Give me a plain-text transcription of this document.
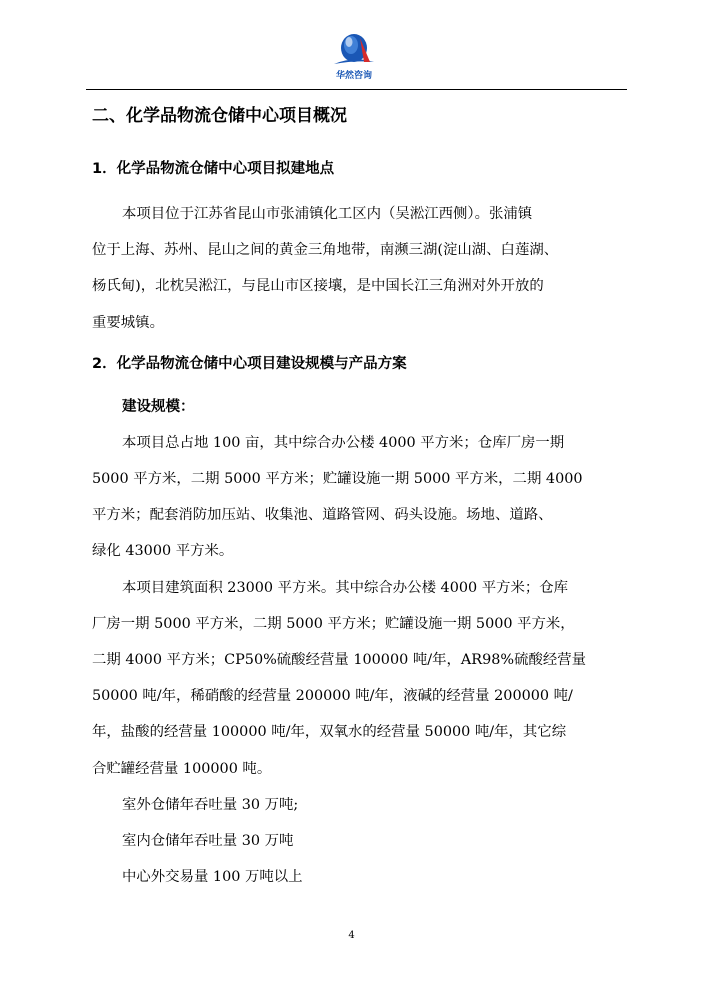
华然咨询
二、化学品物流仓储中心项目概况
1．化学品物流仓储中心项目拟建地点
本项目位于江苏省昆山市张浦镇化工区内（吴淞江西侧）。张浦镇
位于上海、苏州、昆山之间的黄金三角地带，南濒三湖(淀山湖、白莲湖、
杨氏甸)，北枕吴淞江，与昆山市区接壤，是中国长江三角洲对外开放的
重要城镇。
2．化学品物流仓储中心项目建设规模与产品方案
建设规模：
本项目总占地 100 亩，其中综合办公楼 4000 平方米；仓库厂房一期
5000 平方米，二期 5000 平方米；贮罐设施一期 5000 平方米，二期 4000
平方米；配套消防加压站、收集池、道路管网、码头设施。场地、道路、
绿化 43000 平方米。
本项目建筑面积 23000 平方米。其中综合办公楼 4000 平方米；仓库
厂房一期 5000 平方米，二期 5000 平方米；贮罐设施一期 5000 平方米，
二期 4000 平方米；CP50%硫酸经营量 100000 吨/年，AR98%硫酸经营量
50000 吨/年，稀硝酸的经营量 200000 吨/年，液碱的经营量 200000 吨/
年，盐酸的经营量 100000 吨/年，双氧水的经营量 50000 吨/年，其它综
合贮罐经营量 100000 吨。
室外仓储年吞吐量 30 万吨;
室内仓储年吞吐量 30 万吨
中心外交易量 100 万吨以上
4
